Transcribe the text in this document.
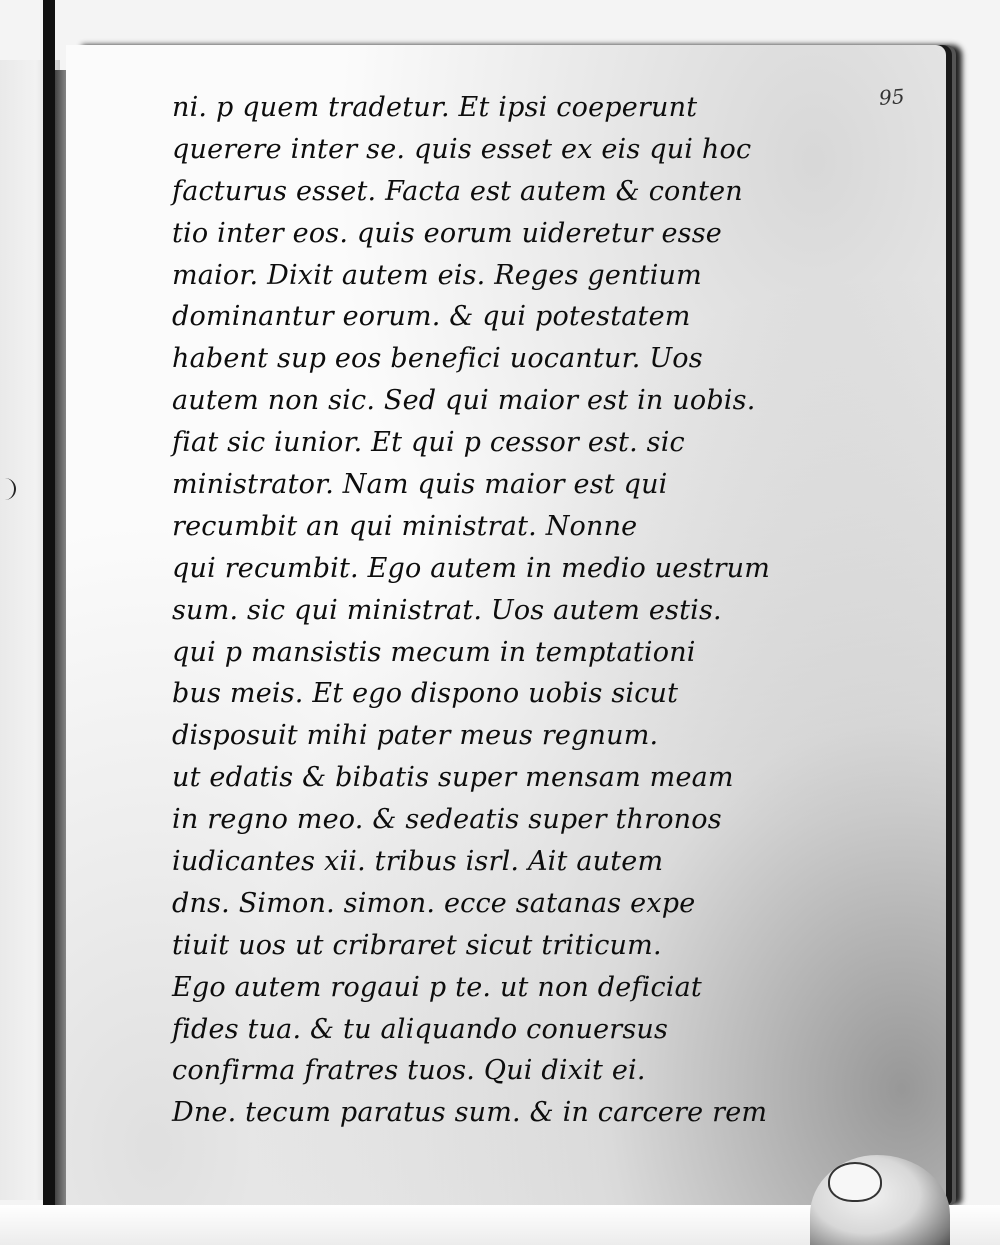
95
ni. p quem tradetur. Et ipsi coeperunt
querere inter se. quis esset ex eis qui hoc
facturus esset. Facta est autem & conten
tio inter eos. quis eorum uideretur esse
maior. Dixit autem eis. Reges gentium
dominantur eorum. & qui potestatem
habent sup eos benefici uocantur. Uos
autem non sic. Sed qui maior est in uobis.
fiat sic iunior. Et qui p cessor est. sic
ministrator. Nam quis maior est qui
recumbit an qui ministrat. Nonne
qui recumbit. Ego autem in medio uestrum
sum. sic qui ministrat. Uos autem estis.
qui p mansistis mecum in temptationi
bus meis. Et ego dispono uobis sicut
disposuit mihi pater meus regnum.
ut edatis & bibatis super mensam meam
in regno meo. & sedeatis super thronos
iudicantes xii. tribus isrl. Ait autem
dns. Simon. simon. ecce satanas expe
tiuit uos ut cribraret sicut triticum.
Ego autem rogaui p te. ut non deficiat
fides tua. & tu aliquando conuersus
confirma fratres tuos. Qui dixit ei.
Dne. tecum paratus sum. & in carcere rem
